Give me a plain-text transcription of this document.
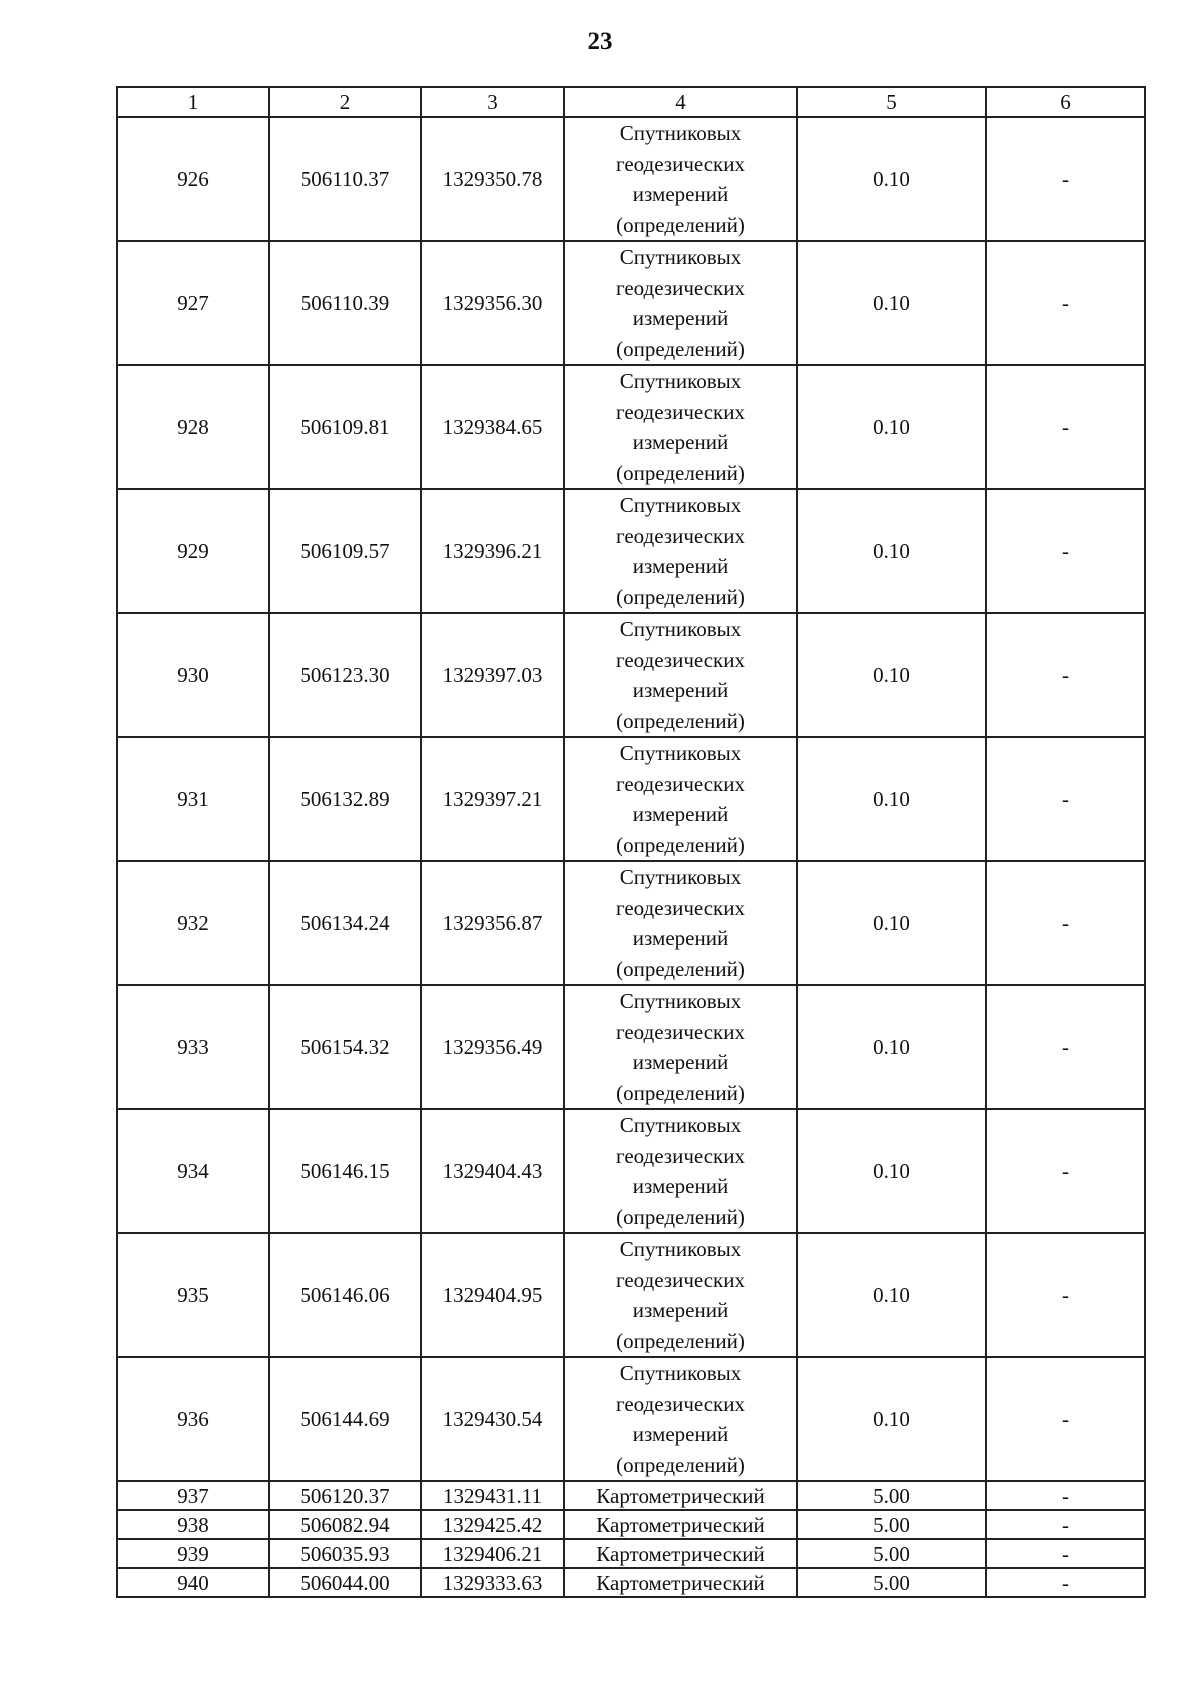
23
1	2	3	4	5	6
926	506110.37	1329350.78	Спутниковых
геодезических
измерений
(определений)	0.10	-
927	506110.39	1329356.30	Спутниковых
геодезических
измерений
(определений)	0.10	-
928	506109.81	1329384.65	Спутниковых
геодезических
измерений
(определений)	0.10	-
929	506109.57	1329396.21	Спутниковых
геодезических
измерений
(определений)	0.10	-
930	506123.30	1329397.03	Спутниковых
геодезических
измерений
(определений)	0.10	-
931	506132.89	1329397.21	Спутниковых
геодезических
измерений
(определений)	0.10	-
932	506134.24	1329356.87	Спутниковых
геодезических
измерений
(определений)	0.10	-
933	506154.32	1329356.49	Спутниковых
геодезических
измерений
(определений)	0.10	-
934	506146.15	1329404.43	Спутниковых
геодезических
измерений
(определений)	0.10	-
935	506146.06	1329404.95	Спутниковых
геодезических
измерений
(определений)	0.10	-
936	506144.69	1329430.54	Спутниковых
геодезических
измерений
(определений)	0.10	-
937	506120.37	1329431.11	Картометрический	5.00	-
938	506082.94	1329425.42	Картометрический	5.00	-
939	506035.93	1329406.21	Картометрический	5.00	-
940	506044.00	1329333.63	Картометрический	5.00	-
